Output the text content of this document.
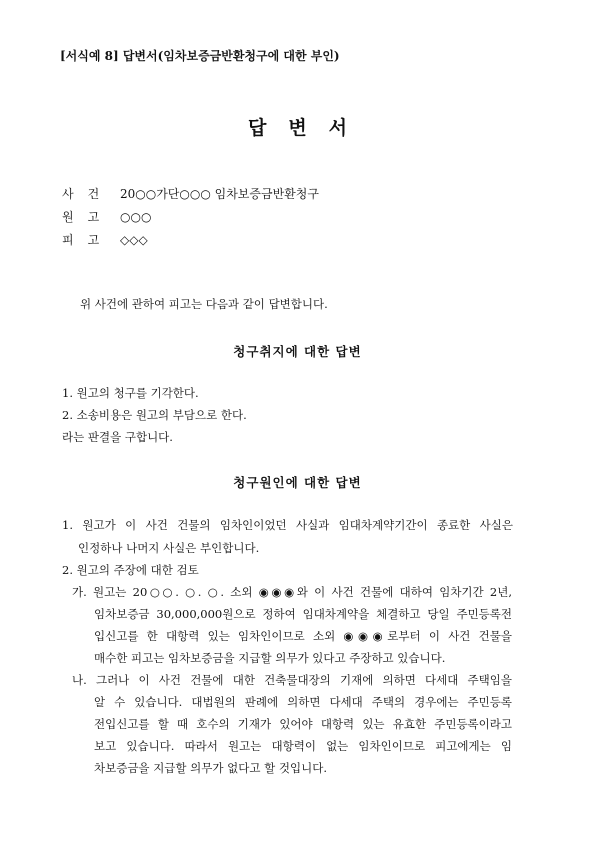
[서식예 8] 답변서(임차보증금반환청구에 대한 부인)
답변서
사건 20○○가단○○○ 임차보증금반환청구
원고 ○○○
피고 ◇◇◇
위 사건에 관하여 피고는 다음과 같이 답변합니다.
청구취지에 대한 답변
1. 원고의 청구를 기각한다.
2. 소송비용은 원고의 부담으로 한다.
라는 판결을 구합니다.
청구원인에 대한 답변
1. 원고가 이 사건 건물의 임차인이었던 사실과 임대차계약기간이 종료한 사실은
인정하나 나머지 사실은 부인합니다.
2. 원고의 주장에 대한 검토
가. 원고는 20○○. ○. ○. 소외 ◉◉◉와 이 사건 건물에 대하여 임차기간 2년,
임차보증금 30,000,000원으로 정하여 임대차계약을 체결하고 당일 주민등록전
입신고를 한 대항력 있는 임차인이므로 소외 ◉◉◉로부터 이 사건 건물을
매수한 피고는 임차보증금을 지급할 의무가 있다고 주장하고 있습니다.
나. 그러나 이 사건 건물에 대한 건축물대장의 기재에 의하면 다세대 주택임을
알 수 있습니다. 대법원의 판례에 의하면 다세대 주택의 경우에는 주민등록
전입신고를 할 때 호수의 기재가 있어야 대항력 있는 유효한 주민등록이라고
보고 있습니다. 따라서 원고는 대항력이 없는 임차인이므로 피고에게는 임
차보증금을 지급할 의무가 없다고 할 것입니다.
